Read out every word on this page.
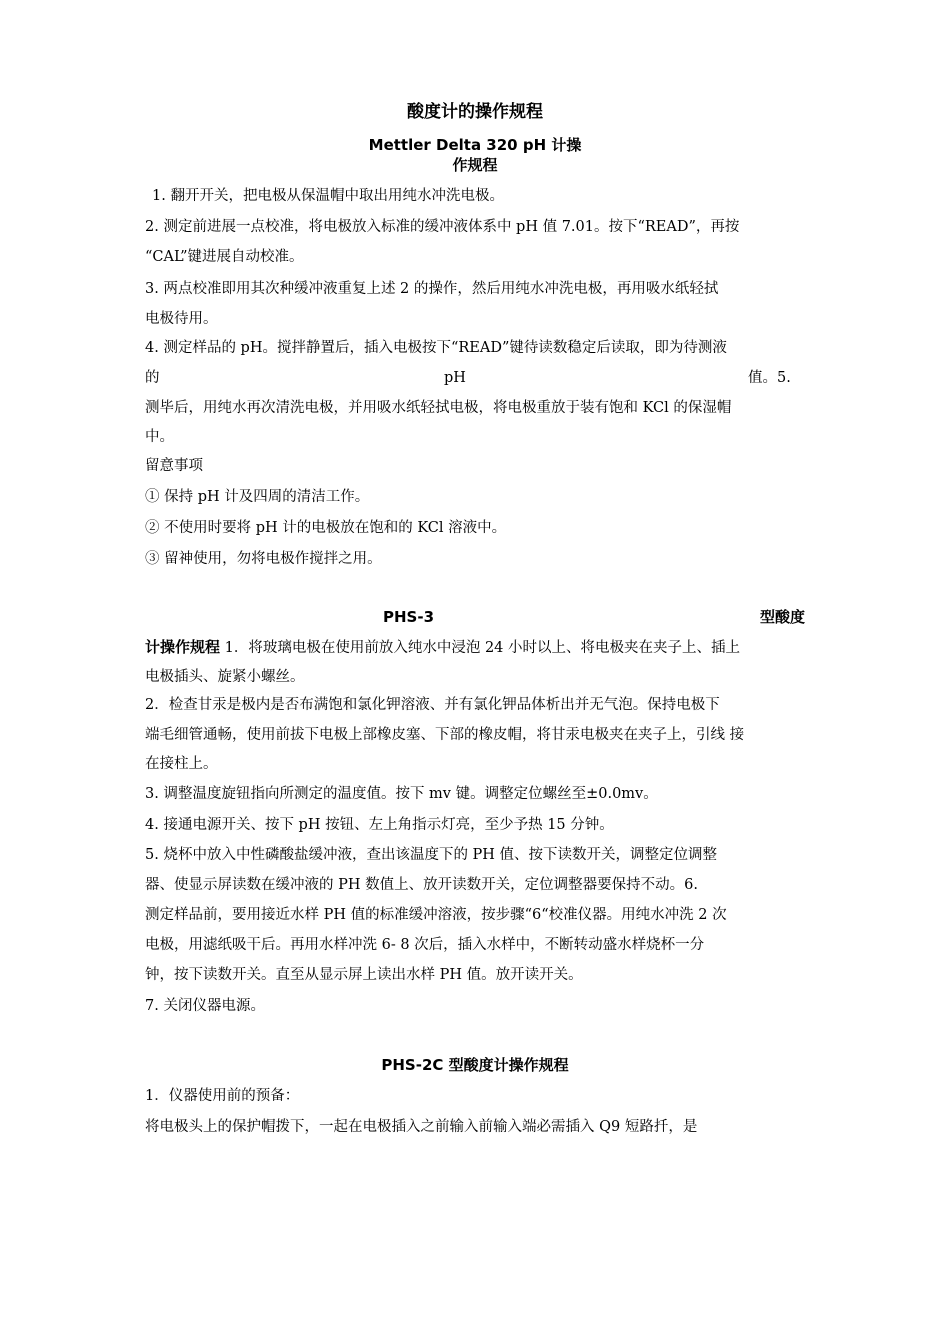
酸度计的操作规程
Mettler Delta 320 pH 计操
作规程
1. 翻开开关，把电极从保温帽中取出用纯水冲洗电极。
2. 测定前进展一点校准，将电极放入标准的缓冲液体系中 pH 值 7.01。按下“READ”，再按
“CAL”键进展自动校准。
3. 两点校准即用其次种缓冲液重复上述 2 的操作，然后用纯水冲洗电极，再用吸水纸轻拭
电极待用。
4. 测定样品的 pH。搅拌静置后，插入电极按下“READ”键待读数稳定后读取，即为待测液
的	pH	值。5.
测毕后，用纯水再次清洗电极，并用吸水纸轻拭电极，将电极重放于装有饱和 KCl 的保湿帽
中。
留意事项
① 保持 pH 计及四周的清洁工作。
② 不使用时要将 pH 计的电极放在饱和的 KCl 溶液中。
③ 留神使用，勿将电极作搅拌之用。
PHS-3	型酸度
计操作规程 1．将玻璃电极在使用前放入纯水中浸泡 24 小时以上、将电极夹在夹子上、插上
电极插头、旋紧小螺丝。
2．检查甘汞是极内是否布满饱和氯化钾溶液、并有氯化钾品体析出并无气泡。保持电极下
端毛细管通畅，使用前拔下电极上部橡皮塞、下部的橡皮帽，将甘汞电极夹在夹子上，引线 接
在接柱上。
3. 调整温度旋钮指向所测定的温度值。按下 mv 键。调整定位螺丝至±0.0mv。
4. 接通电源开关、按下 pH 按钮、左上角指示灯亮，至少予热 15 分钟。
5. 烧杯中放入中性磷酸盐缓冲液，查出该温度下的 PH 值、按下读数开关，调整定位调整
器、使显示屏读数在缓冲液的 PH 数值上、放开读数开关，定位调整器要保持不动。6.
测定样品前，要用接近水样 PH 值的标准缓冲溶液，按步骤“6“校准仪器。用纯水冲洗 2 次
电极，用滤纸吸干后。再用水样冲洗 6- 8 次后，插入水样中，不断转动盛水样烧杯一分
钟，按下读数开关。直至从显示屏上读出水样 PH 值。放开读开关。
7. 关闭仪器电源。
PHS-2C 型酸度计操作规程
1．仪器使用前的预备：
将电极头上的保护帽拨下，一起在电极插入之前输入前输入端必需插入 Q9 短路扦，是
